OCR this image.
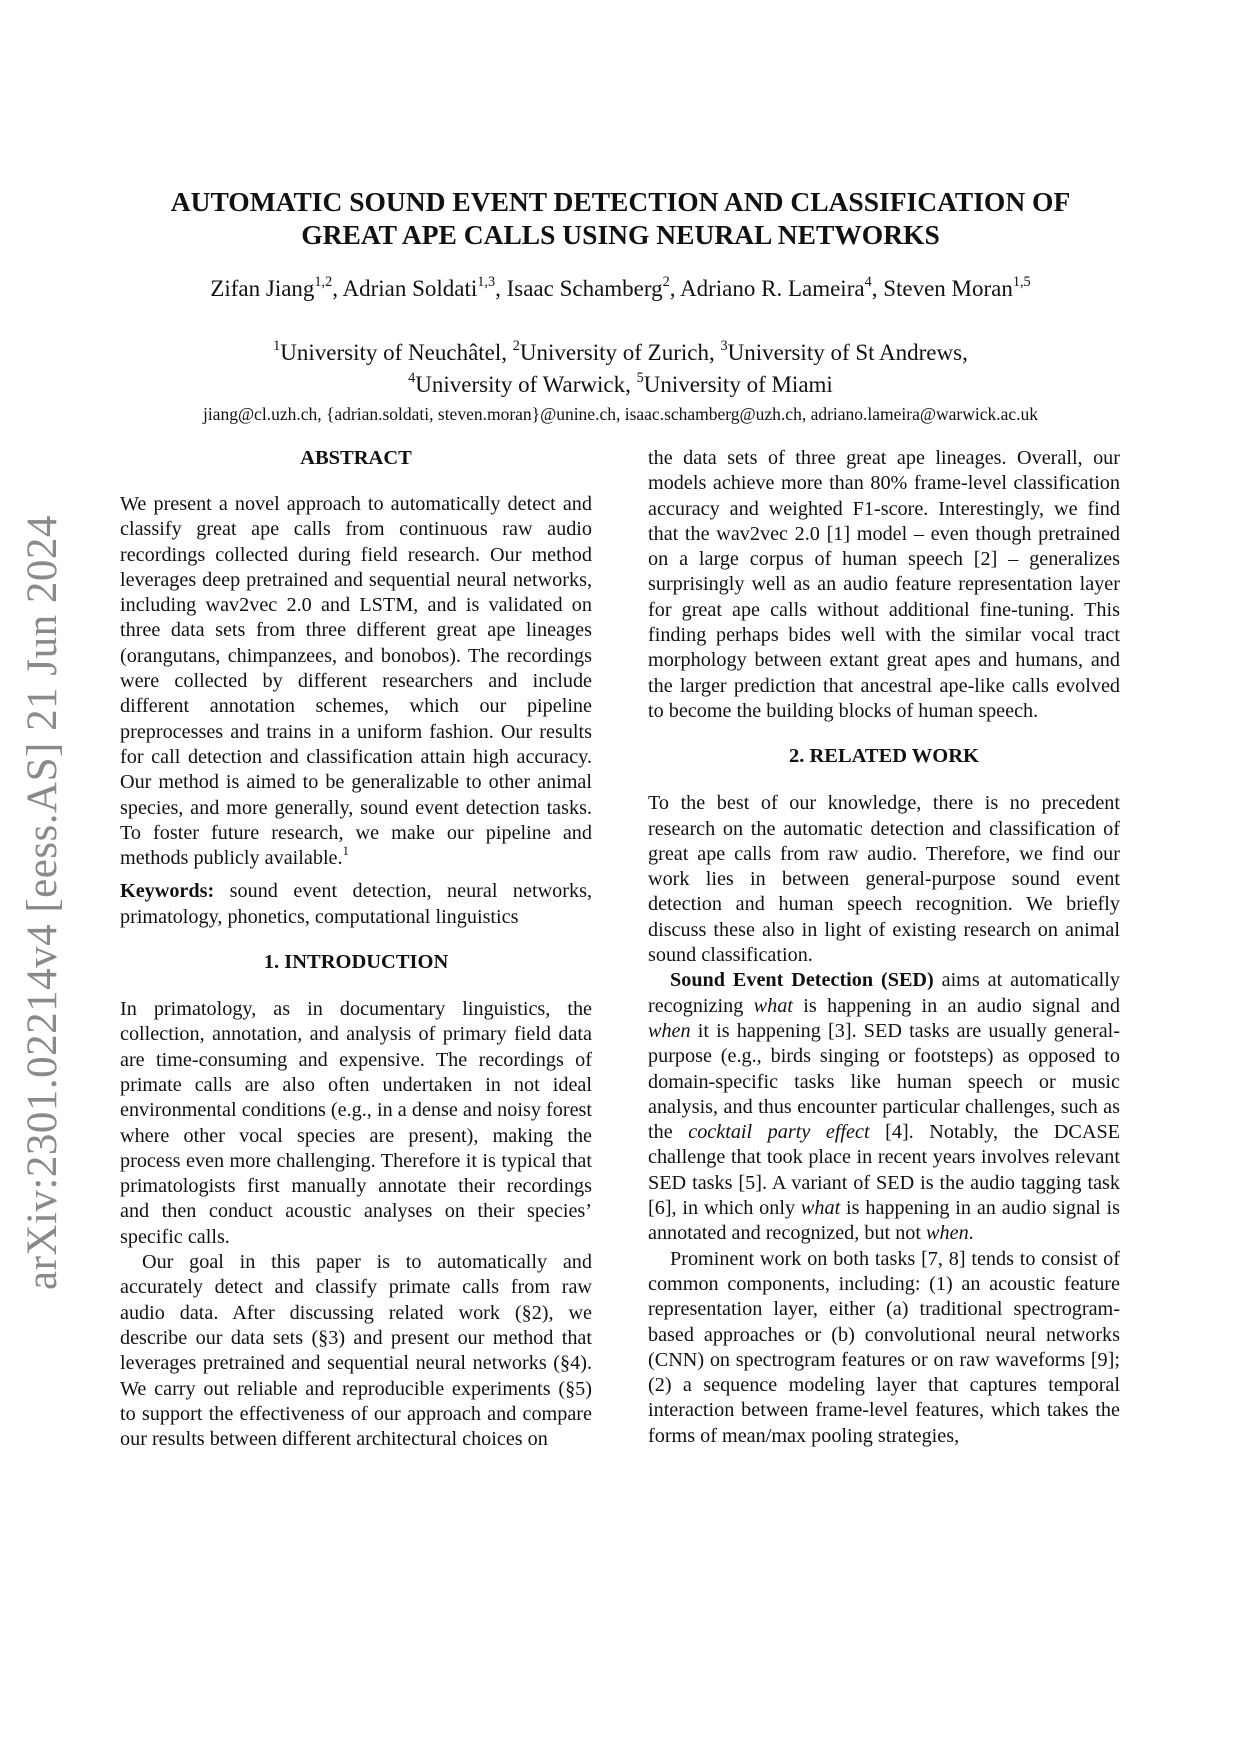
arXiv:2301.02214v4 [eess.AS] 21 Jun 2024
AUTOMATIC SOUND EVENT DETECTION AND CLASSIFICATION OF
GREAT APE CALLS USING NEURAL NETWORKS
Zifan Jiang$^{1,2}$, Adrian Soldati$^{1,3}$, Isaac Schamberg$^2$, Adriano R. Lameira$^4$, Steven Moran$^{1,5}$
$^1$University of Neuchâtel, $^2$University of Zurich, $^3$University of St Andrews,
$^4$University of Warwick, $^5$University of Miami
jiang@cl.uzh.ch, {adrian.soldati, steven.moran}@unine.ch, isaac.schamberg@uzh.ch, adriano.lameira@warwick.ac.uk
ABSTRACT

We present a novel approach to automatically detect and classify great ape calls from continuous raw audio recordings collected during field research. Our method leverages deep pretrained and sequential neural networks, including wav2vec 2.0 and LSTM, and is validated on three data sets from three different great ape lineages (orangutans, chimpanzees, and bonobos). The recordings were collected by different researchers and include different annotation schemes, which our pipeline preprocesses and trains in a uniform fashion. Our results for call detection and classification attain high accuracy. Our method is aimed to be generalizable to other animal species, and more generally, sound event detection tasks. To foster future research, we make our pipeline and methods publicly available.$^1$

Keywords: sound event detection, neural networks, primatology, phonetics, computational linguistics

1. INTRODUCTION

In primatology, as in documentary linguistics, the collection, annotation, and analysis of primary field data are time-consuming and expensive. The recordings of primate calls are also often undertaken in not ideal environmental conditions (e.g., in a dense and noisy forest where other vocal species are present), making the process even more challenging. Therefore it is typical that primatologists first manually annotate their recordings and then conduct acoustic analyses on their species’ specific calls.

Our goal in this paper is to automatically and accurately detect and classify primate calls from raw audio data. After discussing related work (§2), we describe our data sets (§3) and present our method that leverages pretrained and sequential neural networks (§4). We carry out reliable and reproducible experiments (§5) to support the effectiveness of our approach and compare our results between different architectural choices on

the data sets of three great ape lineages. Overall, our models achieve more than 80% frame-level classification accuracy and weighted F1-score. Interestingly, we find that the wav2vec 2.0 [1] model – even though pretrained on a large corpus of human speech [2] – generalizes surprisingly well as an audio feature representation layer for great ape calls without additional fine-tuning. This finding perhaps bides well with the similar vocal tract morphology between extant great apes and humans, and the larger prediction that ancestral ape-like calls evolved to become the building blocks of human speech.

2. RELATED WORK

To the best of our knowledge, there is no precedent research on the automatic detection and classification of great ape calls from raw audio. Therefore, we find our work lies in between general-purpose sound event detection and human speech recognition. We briefly discuss these also in light of existing research on animal sound classification.

Sound Event Detection (SED) aims at automatically recognizing what is happening in an audio signal and when it is happening [3]. SED tasks are usually general-purpose (e.g., birds singing or footsteps) as opposed to domain-specific tasks like human speech or music analysis, and thus encounter particular challenges, such as the cocktail party effect [4]. Notably, the DCASE challenge that took place in recent years involves relevant SED tasks [5]. A variant of SED is the audio tagging task [6], in which only what is happening in an audio signal is annotated and recognized, but not when.

Prominent work on both tasks [7, 8] tends to consist of common components, including: (1) an acoustic feature representation layer, either (a) traditional spectrogram-based approaches or (b) convolutional neural networks (CNN) on spectrogram features or on raw waveforms [9]; (2) a sequence modeling layer that captures temporal interaction between frame-level features, which takes the forms of mean/max pooling strategies,
